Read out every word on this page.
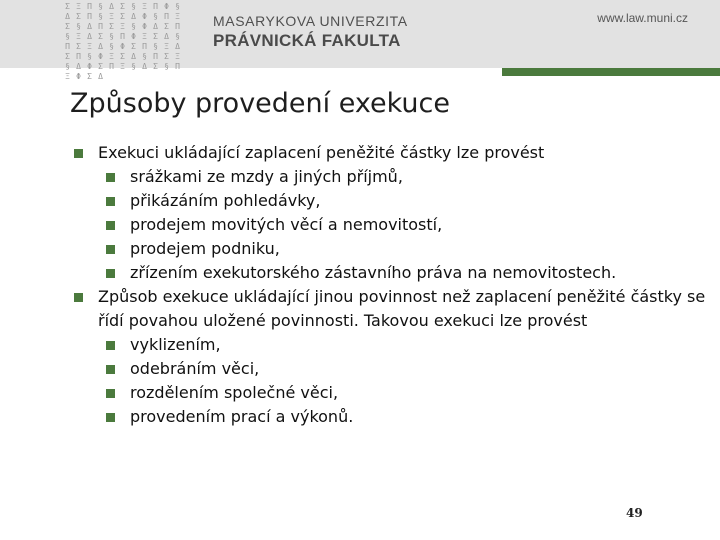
Σ Ξ Π § Δ Σ § Ξ Π Φ §
Δ Σ Π § Ξ Σ Δ Φ § Π Ξ
Σ § Δ Π Σ Ξ § Φ Δ Σ Π
§ Ξ Δ Σ § Π Φ Ξ Σ Δ §
Π Σ Ξ Δ § Φ Σ Π § Ξ Δ
Σ Π § Φ Ξ Σ Δ § Π Σ Ξ
§ Δ Φ Σ Π Ξ § Δ Σ § Π
Ξ Φ Σ Δ
MASARYKOVA UNIVERZITA
PRÁVNICKÁ FAKULTA
www.law.muni.cz
Způsoby provedení exekuce
Exekuci ukládající zaplacení peněžité částky lze provést
srážkami ze mzdy a jiných příjmů,
přikázáním pohledávky,
prodejem movitých věcí a nemovitostí,
prodejem podniku,
zřízením exekutorského zástavního práva na nemovitostech.
Způsob exekuce ukládající jinou povinnost než zaplacení peněžité částky se řídí povahou uložené povinnosti. Takovou exekuci lze provést
vyklizením,
odebráním věci,
rozdělením společné věci,
provedením prací a výkonů.
49
